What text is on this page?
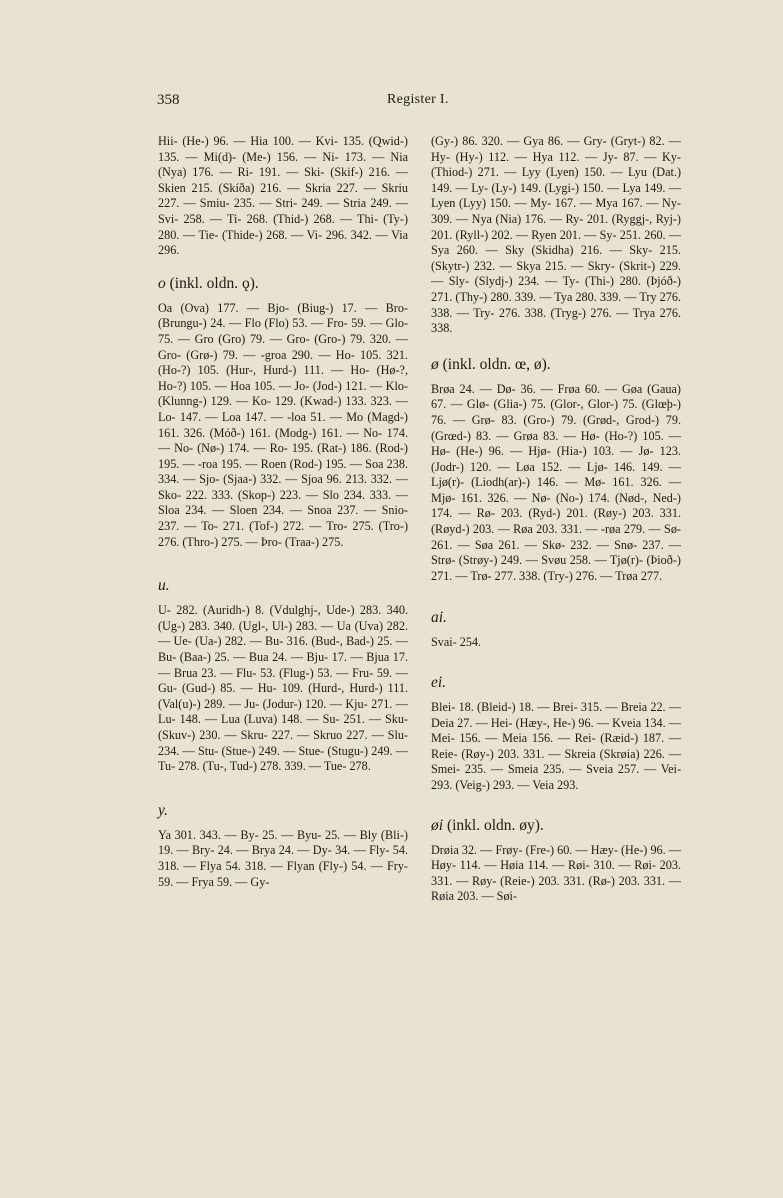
358	Register I.

Hii- (He-) 96. — Hia 100. — Kvi- 135. (Qwid-) 135. — Mi(d)- (Me-) 156. — Ni- 173. — Nia (Nya) 176. — Ri- 191. — Ski- (Skif-) 216. — Skien 215. (Skíða) 216. — Skria 227. — Skriu 227. — Smiu- 235. — Stri- 249. — Stria 249. — Svi- 258. — Ti- 268. (Thid-) 268. — Thi- (Ty-) 280. — Tie- (Thide-) 268. — Vi- 296. 342. — Via 296.

o (inkl. oldn. ǫ).

Oa (Ova) 177. — Bjo- (Biug-) 17. — Bro- (Brungu-) 24. — Flo (Flo) 53. — Fro- 59. — Glo- 75. — Gro (Gro) 79. — Gro- (Gro-) 79. 320. — Gro- (Grø-) 79. — -groa 290. — Ho- 105. 321. (Ho-?) 105. (Hur-, Hurd-) 111. — Ho- (Hø-?, Ho-?) 105. — Hoa 105. — Jo- (Jod-) 121. — Klo- (Klunng-) 129. — Ko- 129. (Kwad-) 133. 323. — Lo- 147. — Loa 147. — -loa 51. — Mo (Magd-) 161. 326. (Móð-) 161. (Modg-) 161. — No- 174. — No- (Nø-) 174. — Ro- 195. (Rat-) 186. (Rod-) 195. — -roa 195. — Roen (Rod-) 195. — Soa 238. 334. — Sjo- (Sjaa-) 332. — Sjoa 96. 213. 332. — Sko- 222. 333. (Skop-) 223. — Slo 234. 333. — Sloa 234. — Sloen 234. — Snoa 237. — Snio- 237. — To- 271. (Tof-) 272. — Tro- 275. (Tro-) 276. (Thro-) 275. — Þro- (Traa-) 275.

u.

U- 282. (Auridh-) 8. (Vdulghj-, Ude-) 283. 340. (Ug-) 283. 340. (Ugl-, Ul-) 283. — Ua (Uva) 282. — Ue- (Ua-) 282. — Bu- 316. (Bud-, Bad-) 25. — Bu- (Baa-) 25. — Bua 24. — Bju- 17. — Bjua 17. — Brua 23. — Flu- 53. (Flug-) 53. — Fru- 59. — Gu- (Gud-) 85. — Hu- 109. (Hurd-, Hurd-) 111. (Val(u)-) 289. — Ju- (Jodur-) 120. — Kju- 271. — Lu- 148. — Lua (Luva) 148. — Su- 251. — Sku- (Skuv-) 230. — Skru- 227. — Skruo 227. — Slu- 234. — Stu- (Stue-) 249. — Stue- (Stugu-) 249. — Tu- 278. (Tu-, Tud-) 278. 339. — Tue- 278.

y.

Ya 301. 343. — By- 25. — Byu- 25. — Bly (Bli-) 19. — Bry- 24. — Brya 24. — Dy- 34. — Fly- 54. 318. — Flya 54. 318. — Flyan (Fly-) 54. — Fry- 59. — Frya 59. — Gy-

(Gy-) 86. 320. — Gya 86. — Gry- (Gryt-) 82. — Hy- (Hy-) 112. — Hya 112. — Jy- 87. — Ky- (Thiod-) 271. — Lyy (Lyen) 150. — Lyu (Dat.) 149. — Ly- (Ly-) 149. (Lygi-) 150. — Lya 149. — Lyen (Lyy) 150. — My- 167. — Mya 167. — Ny- 309. — Nya (Nia) 176. — Ry- 201. (Ryggj-, Ryj-) 201. (Ryll-) 202. — Ryen 201. — Sy- 251. 260. — Sya 260. — Sky (Skidha) 216. — Sky- 215. (Skytr-) 232. — Skya 215. — Skry- (Skrit-) 229. — Sly- (Slydj-) 234. — Ty- (Thi-) 280. (Þjóð-) 271. (Thy-) 280. 339. — Tya 280. 339. — Try 276. 338. — Try- 276. 338. (Tryg-) 276. — Trya 276. 338.

ø (inkl. oldn. œ, ø).

Brøa 24. — Dø- 36. — Frøa 60. — Gøa (Gaua) 67. — Glø- (Glia-) 75. (Glor-, Glor-) 75. (Glœþ-) 76. — Grø- 83. (Gro-) 79. (Grød-, Grod-) 79. (Grœd-) 83. — Grøa 83. — Hø- (Ho-?) 105. — Hø- (He-) 96. — Hjø- (Hia-) 103. — Jø- 123. (Jodr-) 120. — Løa 152. — Ljø- 146. 149. — Ljø(r)- (Liodh(ar)-) 146. — Mø- 161. 326. — Mjø- 161. 326. — Nø- (No-) 174. (Nød-, Ned-) 174. — Rø- 203. (Ryd-) 201. (Røy-) 203. 331. (Røyd-) 203. — Røa 203. 331. — -røa 279. — Sø- 261. — Søa 261. — Skø- 232. — Snø- 237. — Strø- (Strøy-) 249. — Svøu 258. — Tjø(r)- (Þioð-) 271. — Trø- 277. 338. (Try-) 276. — Trøa 277.

ai.

Svai- 254.

ei.

Blei- 18. (Bleid-) 18. — Brei- 315. — Breia 22. — Deia 27. — Hei- (Hæy-, He-) 96. — Kveia 134. — Mei- 156. — Meia 156. — Rei- (Ræid-) 187. — Reie- (Røy-) 203. 331. — Skreia (Skrøia) 226. — Smei- 235. — Smeia 235. — Sveia 257. — Vei- 293. (Veig-) 293. — Veia 293.

øi (inkl. oldn. øy).

Drøia 32. — Frøy- (Fre-) 60. — Hæy- (He-) 96. — Høy- 114. — Høia 114. — Røi- 310. — Røi- 203. 331. — Røy- (Reie-) 203. 331. (Rø-) 203. 331. — Røia 203. — Søi-
